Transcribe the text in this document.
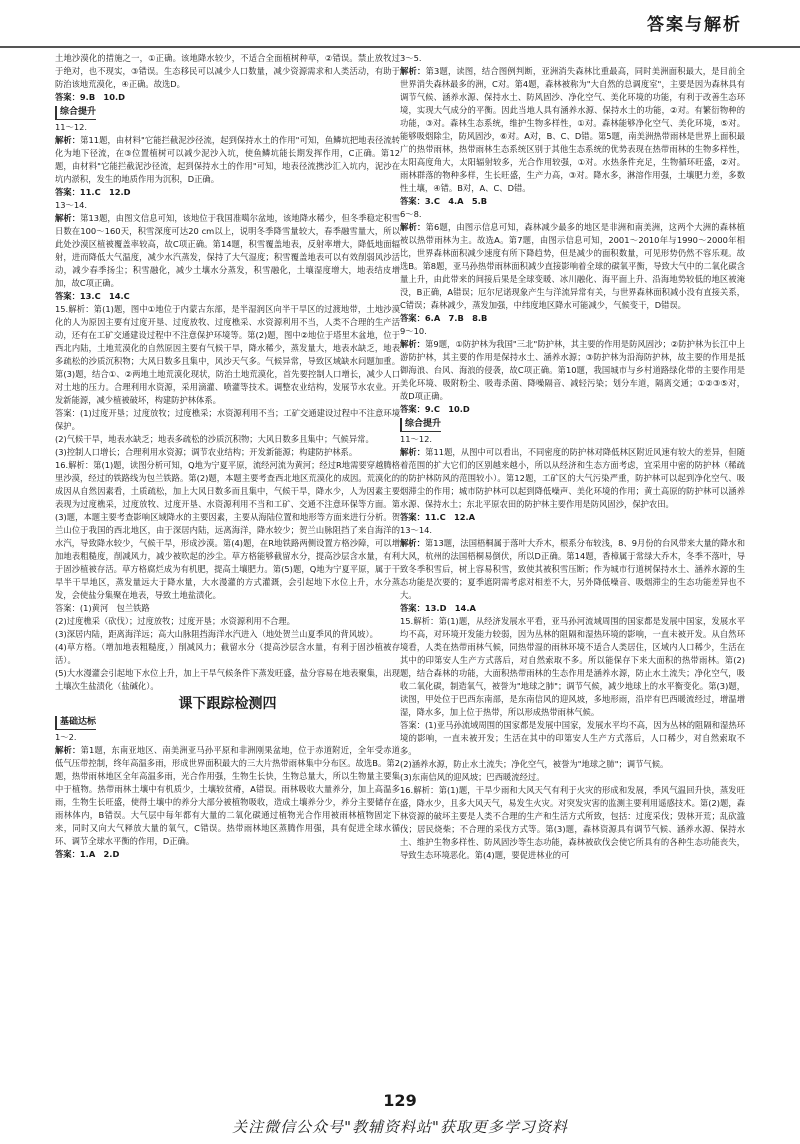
答案与解析

土地沙漠化的措施之一，①正确。该地降水较少，不适合全面植树种草，②错误。禁止放牧过于绝对，也不现实，③错误。生态移民可以减少人口数量，减少资源需求和人类活动，有助于防治该地荒漠化，④正确。故选D。

答案：9.B　10.D

综合提升

11～12.

解析：第11题，由材料"它能拦截泥沙径流，起到保持水土的作用"可知，鱼鳞坑把地表径流转化为地下径流，在③位置植树可以减少泥沙入坑，使鱼鳞坑能长期发挥作用，C正确。第12题，由材料"它能拦截泥沙径流，起到保持水土的作用"可知，地表径流携沙汇入坑内，泥沙在坑内淤积，发生的地质作用为沉积，D正确。

答案：11.C　12.D

13～14.

解析：第13题，由图文信息可知，该地位于我国准噶尔盆地，该地降水稀少，但冬季稳定积雪日数在100～160天，积雪深度可达20 cm以上，说明冬季降雪量较大，春季融雪量大，所以此处沙漠区植被覆盖率较高，故C项正确。第14题，积雪覆盖地表，反射率增大，降低地面辐射，进而降低大气温度，减少水汽蒸发，保持了大气湿度；积雪覆盖地表可以有效削弱风沙活动，减少春季扬尘；积雪融化，减少土壤水分蒸发，积雪融化，土壤湿度增大，地表结皮增加，故C项正确。

答案：13.C　14.C

15.解析：第(1)题，图中①地位于内蒙古东部，是半湿润区向半干旱区的过渡地带，土地沙漠化的人为原因主要有过度开垦、过度放牧、过度樵采、水资源利用不当，人类不合理的生产活动，还有在工矿交通建设过程中不注意保护环境等。第(2)题，图中②地位于塔里木盆地，位于西北内陆，土地荒漠化的自然原因主要有气候干旱，降水稀少，蒸发量大，地表水缺乏，地表多疏松的沙质沉积物；大风日数多且集中，风沙天气多。气候异常，导致区域缺水问题加重。第(3)题，结合①、②两地土地荒漠化现状，防治土地荒漠化，首先要控制人口增长，减少人口对土地的压力。合理利用水资源，采用滴灌、喷灌等技术。调整农业结构，发展节水农业。开发新能源，减少植被破坏，构建防护林体系。

答案：(1)过度开垦；过度放牧；过度樵采；水资源利用不当；工矿交通建设过程中不注意环境保护。

(2)气候干旱，地表水缺乏；地表多疏松的沙质沉积物；大风日数多且集中；气候异常。

(3)控制人口增长；合理利用水资源；调节农业结构；开发新能源；构建防护林系。

16.解析：第(1)题，读图分析可知，Q地为宁夏平原，流经河流为黄河；经过R地需要穿越腾格里沙漠，经过的铁路线为包兰铁路。第(2)题，本题主要考查西北地区荒漠化的成因。荒漠化的成因从自然因素看，土质疏松，加上大风日数多而且集中，气候干旱，降水少，人为因素主要表现为过度樵采，过度放牧、过度开垦、水资源利用不当和工矿、交通不注意环保等方面。第(3)题，本题主要考查影响区域降水的主要因素，主要从海陆位置和地形等方面来进行分析。贺兰山位于我国的西北地区，由于深居内陆，远离海洋，降水较少；贺兰山脉阻挡了来自海洋的水汽，导致降水较少，气候干旱，形成沙漠。第(4)题，在R地铁路两侧设置方格沙障，可以增加地表粗糙度，削减风力，减少被吹起的沙尘。草方格能够截留水分，提高沙层含水量，有利于固沙植被存活。草方格腐烂成为有机肥，提高土壤肥力。第(5)题，Q地为宁夏平原，属于干旱半干旱地区，蒸发量远大于降水量，大水漫灌的方式灌溉，会引起地下水位上升，水分蒸发，会使盐分集聚在地表，导致土地盐渍化。

答案：(1)黄河　包兰铁路

(2)过度樵采（砍伐）；过度放牧；过度开垦；水资源利用不合理。

(3)深居内陆，距离海洋远；高大山脉阻挡海洋水汽进入（地处贺兰山夏季风的背风坡）。

(4)草方格。（增加地表粗糙度，）削减风力；截留水分（提高沙层含水量，有利于固沙植被存活）。

(5)大水漫灌会引起地下水位上升，加上干旱气候条件下蒸发旺盛，盐分容易在地表聚集，出现土壤次生盐渍化（盐碱化）。

课下跟踪检测四
基础达标

1～2.

解析：第1题，东南亚地区、南美洲亚马孙平原和非洲刚果盆地，位于赤道附近，全年受赤道低气压带控制，终年高温多雨，形成世界面积最大的三大片热带雨林集中分布区。故选B。第2题，热带雨林地区全年高温多雨，光合作用强，生物生长快，生物总量大，所以生物量主要集中于植物。热带雨林土壤中有机质少，土壤较贫瘠，A错误。雨林吸收大量养分，加上高温多雨，生物生长旺盛，使得土壤中的养分大部分被植物吸收，造成土壤养分少，养分主要储存在雨林体内，B错误。大气层中每年都有大量的二氧化碳通过植物光合作用被雨林植物固定下来，同时又向大气释放大量的氧气，C错误。热带雨林地区蒸腾作用强，具有促进全球水循环、调节全球水平衡的作用，D正确。

答案：1.A　2.D

3～5.

解析：第3题，读图，结合图例判断，亚洲消失森林比重最高，同时美洲面积最大，是目前全世界消失森林最多的洲，C对。第4题，森林被称为"大自然的总调度室"，主要是因为森林具有调节气候、涵养水源、保持水土、防风固沙、净化空气、美化环境的功能，有利于改善生态环境，实现大气成分的平衡。因此当地人具有涵养水源、保持水土的功能，②对。有繁衍物种的功能，③对。森林生态系统，维护生物多样性，①对。森林能够净化空气、美化环境，⑤对。能够吸烟除尘，防风固沙，⑥对。A对，B、C、D错。第5题，南美洲热带雨林是世界上面积最广的热带雨林，热带雨林生态系统区别于其他生态系统的优势表现在热带雨林的生物多样性，太阳高度角大，太阳辐射较多，光合作用较强，①对。水热条件充足，生物循环旺盛，②对。雨林群落的物种多样，生长旺盛，生产力高，③对。降水多，淋溶作用强，土壤肥力差，多数性土壤，④错。B对，A、C、D错。

答案：3.C　4.A　5.B

6～8.

解析：第6题，由图示信息可知，森林减少最多的地区是非洲和南美洲，这两个大洲的森林植被以热带雨林为主。故选A。第7题，由图示信息可知，2001～2010年与1990～2000年相比，世界森林面积减少速度有所下降趋势，但是减少的面积数量，可见形势仍然不容乐观。故选B。第8题，亚马孙热带雨林面积减少直接影响着全球的碳氧平衡，导致大气中的二氧化碳含量上升，由此带来的间接后果是全球变暖、冰川融化、海平面上升、沿海地势较低的地区被淹没，B正确，A错误；厄尔尼诺现象产生与洋流异常有关，与世界森林面积减小没有直接关系，C错误；森林减少，蒸发加强，中纬度地区降水可能减少，气候变干，D错误。

答案：6.A　7.B　8.B

9～10.

解析：第9题，①防护林为我国"三北"防护林，其主要的作用是防风固沙；②防护林为长江中上游防护林，其主要的作用是保持水土、涵养水源；③防护林为沿海防护林，故主要的作用是抵御海浪、台风、海浪的侵袭，故C项正确。第10题，我国城市与乡村道路绿化带的主要作用是美化环境、吸附粉尘、吸毒杀菌、降噪隔音、减轻污染；划分车道，隔离交通；①②③⑤对，故D项正确。

答案：9.C　10.D

综合提升

11～12.

解析：第11题，从图中可以看出，不同密度的防护林对降低林区附近风速有较大的差异，但随着范围的扩大它们的区别越来越小，所以从经济和生态方面考虑，宜采用中密的防护林（稀疏的防护林防风的范围较小）。第12题，工矿区的大气污染严重，防护林可以起到净化空气、吸烟滞尘的作用；城市防护林可以起到降低噪声、美化环境的作用；黄土高原的防护林可以涵养水源、保持水土；东北平原农田的防护林主要作用是防风固沙，保护农田。

答案：11.C　12.A

13～14.

解析：第13题，法国梧桐属于落叶大乔木，根系分布较浅，8、9月份的台风带来大量的降水和大风，杭州的法国梧桐易倒伏，所以D正确。第14题，香樟属于常绿大乔木，冬季不落叶，导致冬季积雪后，树上容易积雪，致使其被积雪压断；作为城市行道树保持水土、涵养水源的生态功能是次要的；夏季遮阴需考虑对相差不大，另外降低噪音、吸烟滞尘的生态功能差异也不大。

答案：13.D　14.A

15.解析：第(1)题，从经济发展水平看，亚马孙河流域周围的国家都是发展中国家，发展水平均不高，对环境开发能力较弱，因为丛林的阻隔和湿热环境的影响，一直未被开发。从自然环境看，人类在热带雨林气候，同热带湿的雨林环境不适合人类居住，区域内人口稀少，生活在其中的印第安人生产方式落后，对自然索取不多。所以能保存下来大面积的热带雨林。第(2)题，结合森林的功能，大面积热带雨林的生态作用是涵养水源，防止水土流失；净化空气，吸收二氧化碳，制造氧气，被誉为"地球之肺"；调节气候，减少地球上的水平衡变化。第(3)题，读图，甲处位于巴西东南部，是东南信风的迎风坡，多地形雨，沿岸有巴西暖流经过，增温增湿，降水多，加上位于热带，所以形成热带雨林气候。

答案：(1)亚马孙流域周围的国家都是发展中国家，发展水平均不高，因为丛林的阻隔和湿热环境的影响，一直未被开发；生活在其中的印第安人生产方式落后，人口稀少，对自然索取不多。

(2)涵养水源，防止水土流失；净化空气，被誉为"地球之肺"；调节气候。

(3)东南信风的迎风坡；巴西暖流经过。

16.解析：第(1)题，干旱少雨和大风天气有利于火灾的形成和发展，季风气温回升快，蒸发旺盛，降水少，且多大风天气，易发生火灾。对突发灾害的监测主要利用遥感技术。第(2)题，森林资源的破坏主要是人类不合理的生产和生活方式所致，包括：过度采伐；毁林开荒；乱砍滥伐；居民烧柴；不合理的采伐方式等。第(3)题，森林资源具有调节气候、涵养水源、保持水土、维护生物多样性、防风固沙等生态功能，森林被砍伐会使它所具有的各种生态功能丧失，导致生态环境恶化。第(4)题，要促进林业的可

129
关注微信公众号"教辅资料站"获取更多学习资料
